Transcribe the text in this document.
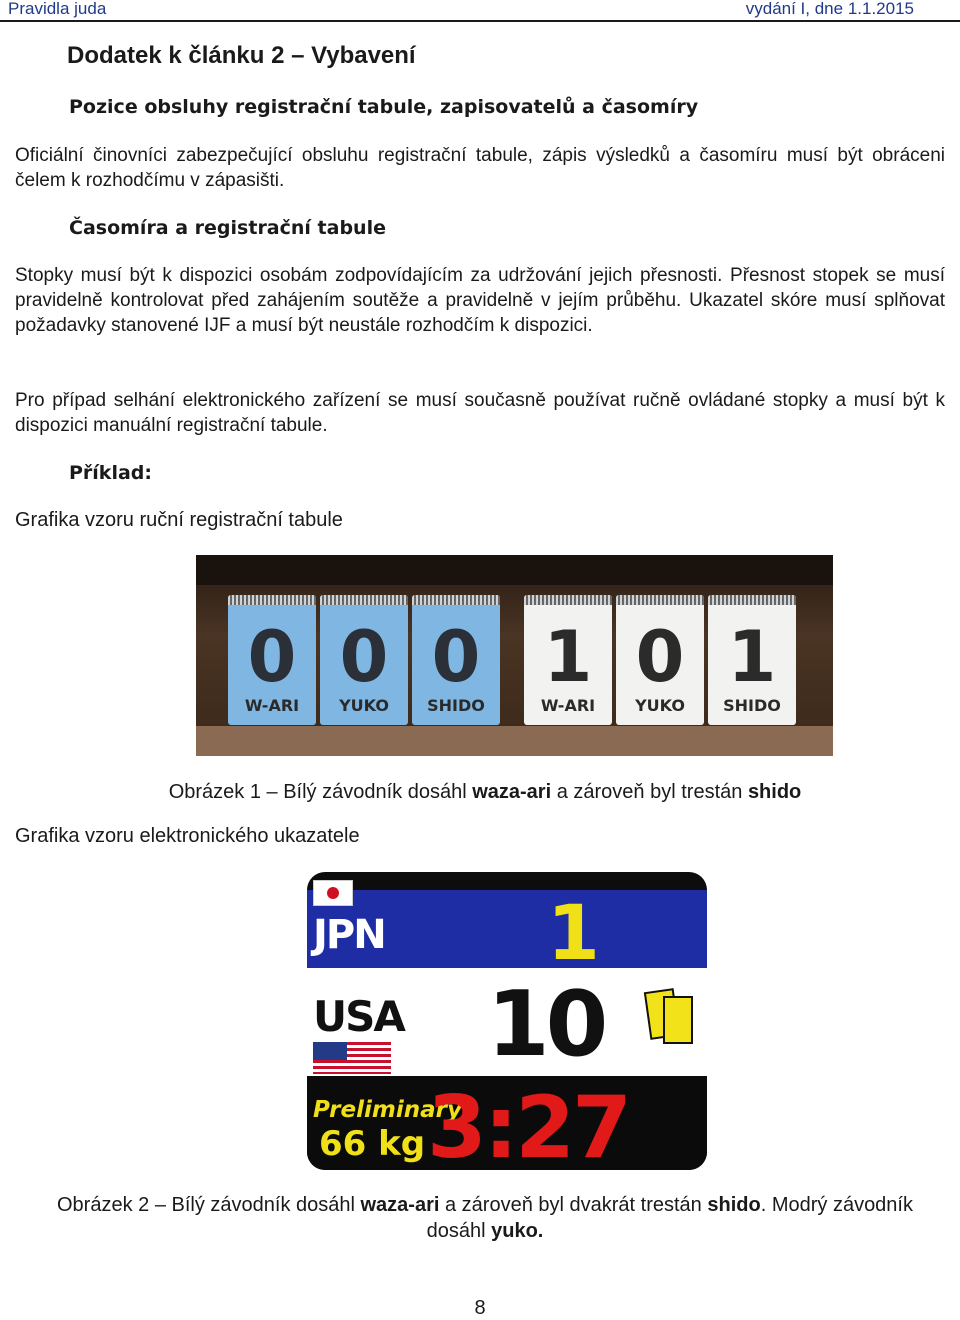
Pravidla juda	vydání I, dne 1.1.2015
Dodatek k článku 2 – Vybavení
Pozice obsluhy registrační tabule, zapisovatelů a časomíry
Oficiální činovníci zabezpečující obsluhu registrační tabule, zápis výsledků a časomíru musí být obráceni čelem k rozhodčímu v zápasišti.
Časomíra a registrační tabule
Stopky musí být k dispozici osobám zodpovídajícím za udržování jejich přesnosti. Přesnost stopek se musí pravidelně kontrolovat před zahájením soutěže a pravidelně v jejím průběhu. Ukazatel skóre musí splňovat požadavky stanovené IJF a musí být neustále rozhodčím k dispozici.
Pro případ selhání elektronického zařízení se musí současně používat ručně ovládané stopky a musí být k dispozici manuální registrační tabule.
Příklad:
Grafika vzoru ruční registrační tabule
0
W-ARI
0
YUKO
0
SHIDO
1
W-ARI
0
YUKO
1
SHIDO
Obrázek 1 – Bílý závodník dosáhl waza-ari a zároveň byl trestán shido
Grafika vzoru elektronického ukazatele
JPN 1
USA 10
Preliminary
66 kg 3:27
Obrázek 2 – Bílý závodník dosáhl waza-ari a zároveň byl dvakrát trestán shido. Modrý závodník dosáhl yuko.
8
